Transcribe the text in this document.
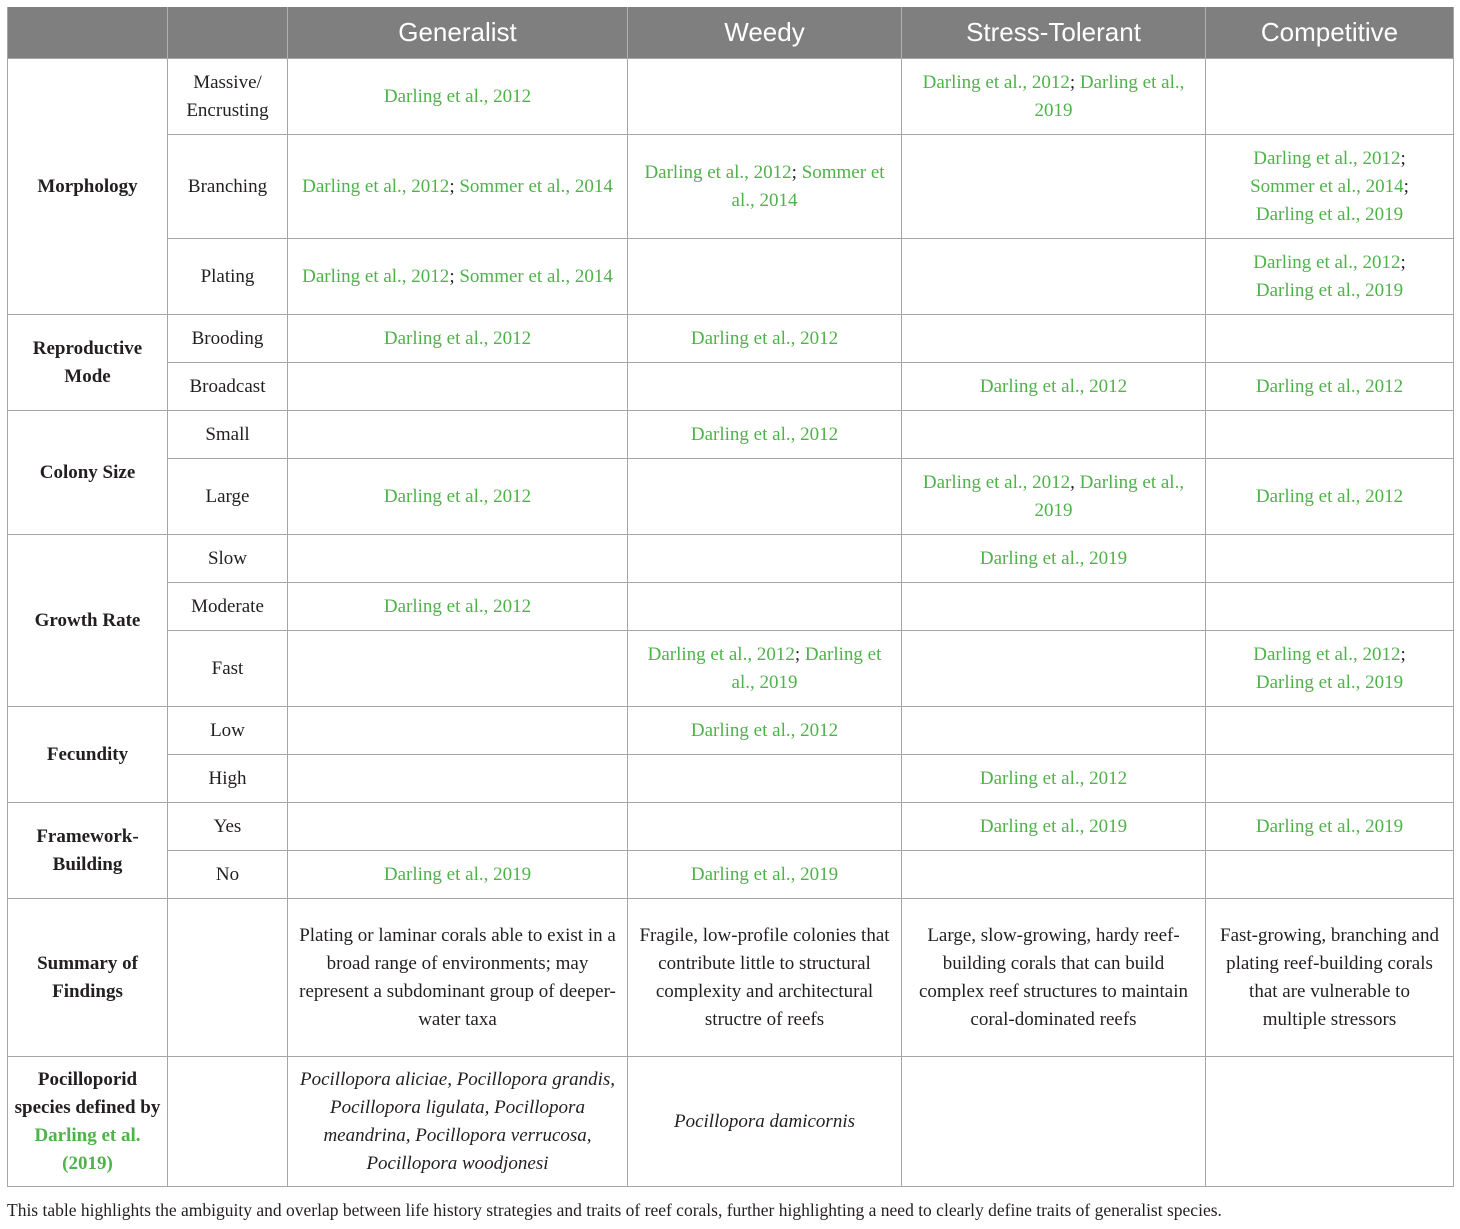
		Generalist	Weedy	Stress-Tolerant	Competitive
Morphology	Massive/ Encrusting	Darling et al., 2012		Darling et al., 2012; Darling et al., 2019	
	Branching	Darling et al., 2012; Sommer et al., 2014	Darling et al., 2012; Sommer et al., 2014		Darling et al., 2012;
Sommer et al., 2014;
Darling et al., 2019
	Plating	Darling et al., 2012; Sommer et al., 2014			Darling et al., 2012;
Darling et al., 2019
Reproductive Mode	Brooding	Darling et al., 2012	Darling et al., 2012		
	Broadcast			Darling et al., 2012	Darling et al., 2012
Colony Size	Small		Darling et al., 2012		
	Large	Darling et al., 2012		Darling et al., 2012, Darling et al., 2019	Darling et al., 2012
Growth Rate	Slow			Darling et al., 2019	
	Moderate	Darling et al., 2012			
	Fast		Darling et al., 2012; Darling et al., 2019		Darling et al., 2012;
Darling et al., 2019
Fecundity	Low		Darling et al., 2012		
	High			Darling et al., 2012	
Framework-Building	Yes			Darling et al., 2019	Darling et al., 2019
	No	Darling et al., 2019	Darling et al., 2019		
Summary of Findings		Plating or laminar corals able to exist in a broad range of environments; may represent a subdominant group of deeper-water taxa	Fragile, low-profile colonies that contribute little to structural complexity and architectural structre of reefs	Large, slow-growing, hardy reef-building corals that can build complex reef structures to maintain coral-dominated reefs	Fast-growing, branching and plating reef-building corals that are vulnerable to multiple stressors
Pocilloporid species defined by Darling et al. (2019)		Pocillopora aliciae, Pocillopora grandis, Pocillopora ligulata, Pocillopora meandrina, Pocillopora verrucosa, Pocillopora woodjonesi	Pocillopora damicornis		
This table highlights the ambiguity and overlap between life history strategies and traits of reef corals, further highlighting a need to clearly define traits of generalist species.
